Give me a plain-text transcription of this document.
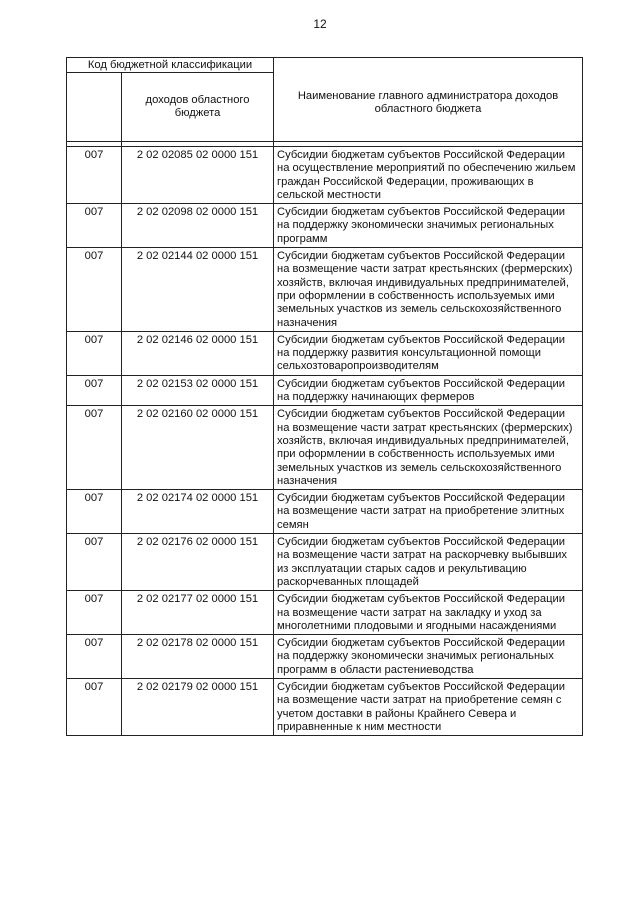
12
Код бюджетной классификации		Наименование главного администратора доходов областного бюджета
	доходов областного бюджета	

007	2 02 02085 02 0000 151	Субсидии бюджетам субъектов Российской Федерации на осуществление мероприятий по обеспечению жильем граждан Российской Федерации, проживающих в сельской местности
007	2 02 02098 02 0000 151	Субсидии бюджетам субъектов Российской Федерации на поддержку экономически значимых региональных программ
007	2 02 02144 02 0000 151	Субсидии бюджетам субъектов Российской Федерации на возмещение части затрат крестьянских (фермерских) хозяйств, включая индивидуальных предпринимателей, при оформлении в собственность используемых ими земельных участков из земель сельскохозяйственного назначения
007	2 02 02146 02 0000 151	Субсидии бюджетам субъектов Российской Федерации на поддержку развития консультационной помощи сельхозтоваропроизводителям
007	2 02 02153 02 0000 151	Субсидии бюджетам субъектов Российской Федерации на поддержку начинающих фермеров
007	2 02 02160 02 0000 151	Субсидии бюджетам субъектов Российской Федерации на возмещение части затрат крестьянских (фермерских) хозяйств, включая индивидуальных предпринимателей, при оформлении в собственность используемых ими земельных участков из земель сельскохозяйственного назначения
007	2 02 02174 02 0000 151	Субсидии бюджетам субъектов Российской Федерации на возмещение части затрат на приобретение элитных семян
007	2 02 02176 02 0000 151	Субсидии бюджетам субъектов Российской Федерации на возмещение части затрат на раскорчевку выбывших из эксплуатации старых садов и рекультивацию раскорчеванных площадей
007	2 02 02177 02 0000 151	Субсидии бюджетам субъектов Российской Федерации на возмещение части затрат на закладку и уход за многолетними плодовыми и ягодными насаждениями
007	2 02 02178 02 0000 151	Субсидии бюджетам субъектов Российской Федерации на поддержку экономически значимых региональных программ в области растениеводства
007	2 02 02179 02 0000 151	Субсидии бюджетам субъектов Российской Федерации на возмещение части затрат на приобретение семян с учетом доставки в районы Крайнего Севера и приравненные к ним местности
